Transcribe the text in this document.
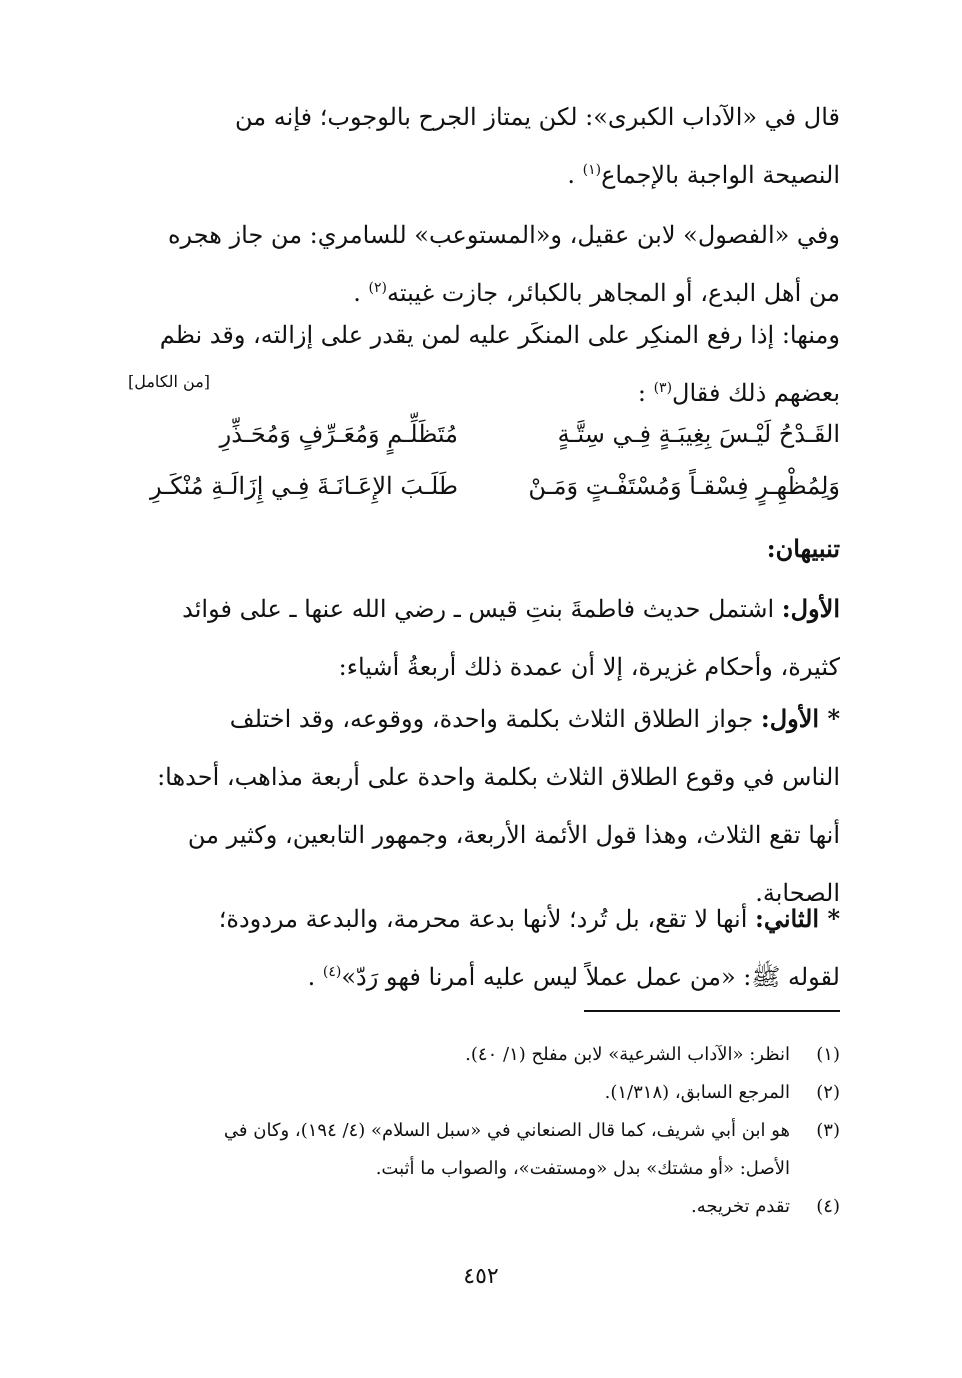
قال في «الآداب الكبرى»: لكن يمتاز الجرح بالوجوب؛ فإنه من
النصيحة الواجبة بالإجماع$^{(١)}$ .
وفي «الفصول» لابن عقيل، و«المستوعب» للسامري: من جاز هجره
من أهل البدع، أو المجاهر بالكبائر، جازت غيبته$^{(٢)}$ .
ومنها: إذا رفع المنكِر على المنكَر عليه لمن يقدر على إزالته، وقد نظم
بعضهم ذلك فقال$^{(٣)}$ :
[من الكامل]
القَـدْحُ لَيْـسَ بِغِيبَـةٍ فِـي سِتَّـةٍ
مُتَظَلِّـمٍ وَمُعَـرِّفٍ وَمُحَـذِّرِ
وَلِمُظْهِـرٍ فِسْقـاً وَمُسْتَفْـتٍ وَمَـنْ
طَلَـبَ الإِعَـانَـةَ فِـي إِزَالَـةِ مُنْكَـرِ
تنبيهان:
الأول: اشتمل حديث فاطمةَ بنتِ قيس ـ رضي الله عنها ـ على فوائد
كثيرة، وأحكام غزيرة، إلا أن عمدة ذلك أربعةُ أشياء:
* الأول: جواز الطلاق الثلاث بكلمة واحدة، ووقوعه، وقد اختلف
الناس في وقوع الطلاق الثلاث بكلمة واحدة على أربعة مذاهب، أحدها:
أنها تقع الثلاث، وهذا قول الأئمة الأربعة، وجمهور التابعين، وكثير من
الصحابة.
* الثاني: أنها لا تقع، بل تُرد؛ لأنها بدعة محرمة، والبدعة مردودة؛
لقوله ﷺ: «من عمل عملاً ليس عليه أمرنا فهو رَدّ»$^{(٤)}$ .
(١)
انظر: «الآداب الشرعية» لابن مفلح (١/ ٤٠).
(٢)
المرجع السابق، (١/٣١٨).
(٣)
هو ابن أبي شريف، كما قال الصنعاني في «سبل السلام» (٤/ ١٩٤)، وكان في
الأصل: «أو مشتك» بدل «ومستفت»، والصواب ما أثبت.
(٤)
تقدم تخريجه.
٤٥٢
